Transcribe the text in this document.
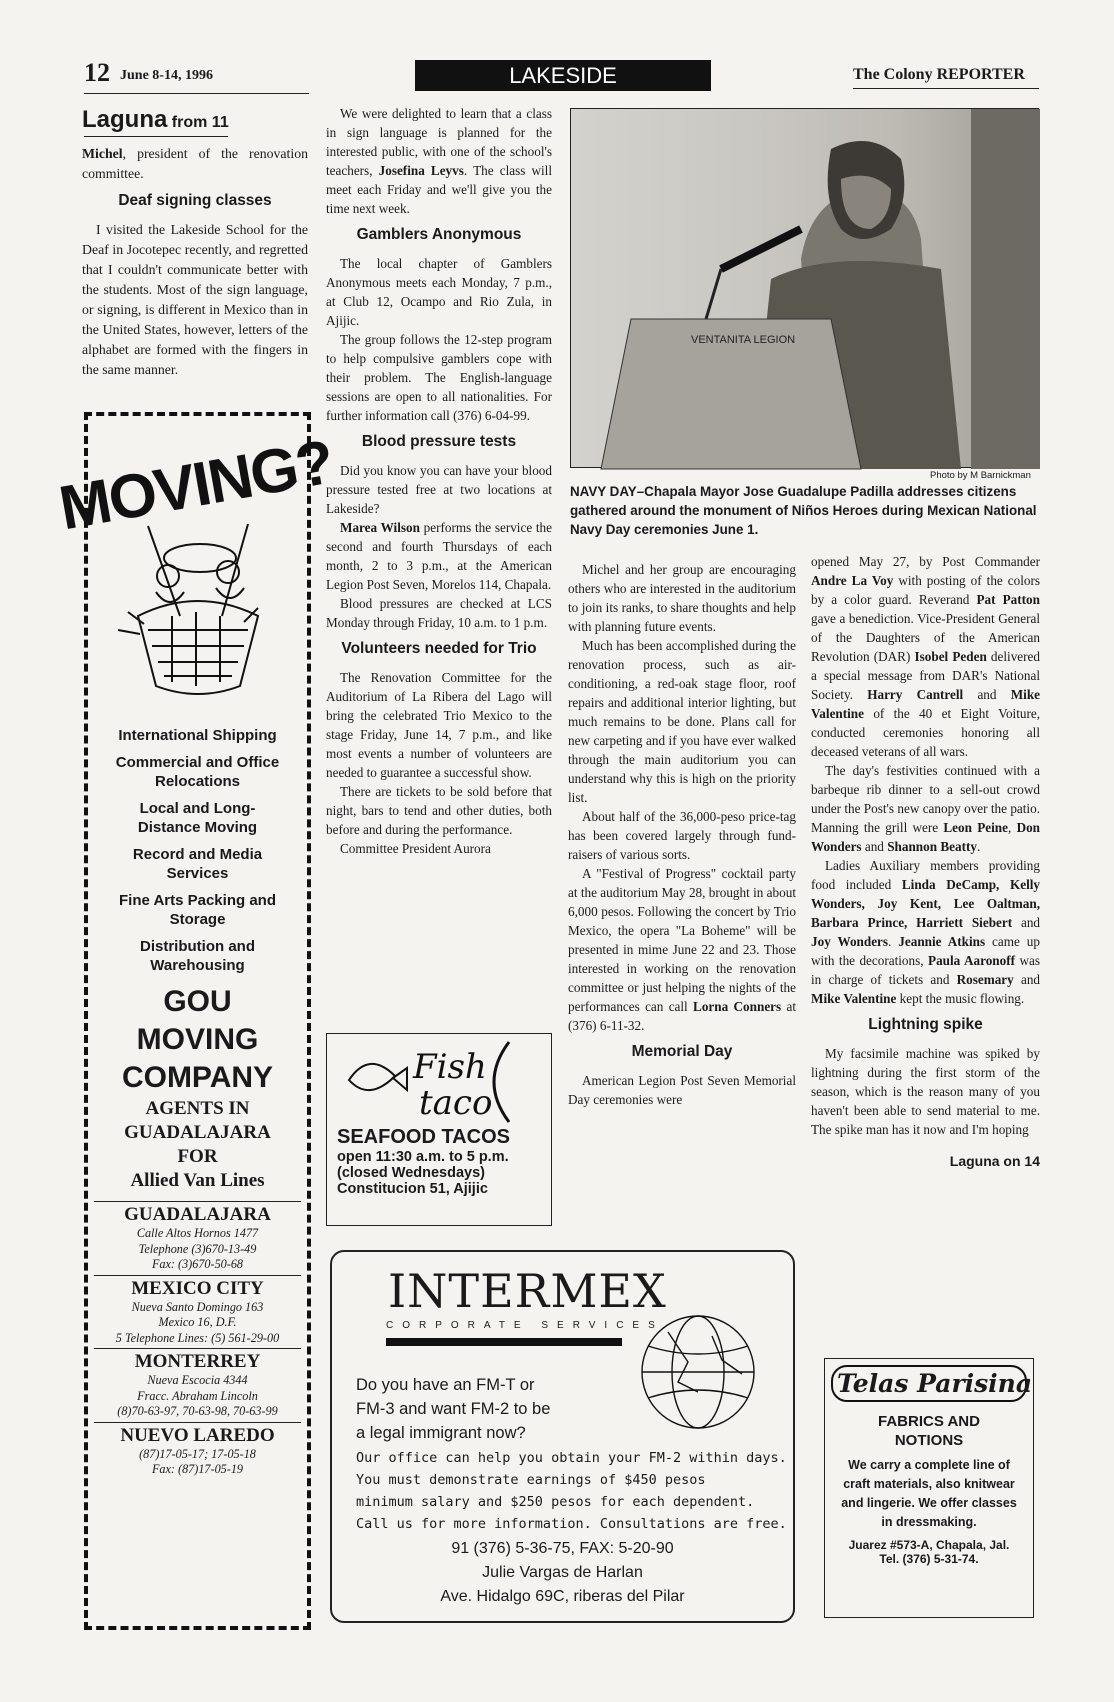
12 June 8-14, 1996	LAKESIDE	The Colony REPORTER
Laguna from 11

Michel, president of the renovation committee.

Deaf signing classes

I visited the Lakeside School for the Deaf in Jocotepec recently, and regretted that I couldn't communicate better with the students. Most of the sign language, or signing, is different in Mexico than in the United States, however, letters of the alphabet are formed with the fingers in the same manner.

MOVING?
International Shipping
Commercial and Office Relocations
Local and Long-Distance Moving
Record and Media Services
Fine Arts Packing and Storage
Distribution and Warehousing
GOU
MOVING
COMPANY
AGENTS IN
GUADALAJARA
FOR
Allied Van Lines
GUADALAJARA
Calle Altos Hornos 1477
Telephone (3)670-13-49
Fax: (3)670-50-68
MEXICO CITY
Nueva Santo Domingo 163
Mexico 16, D.F.
5 Telephone Lines: (5) 561-29-00
MONTERREY
Nueva Escocia 4344
Fracc. Abraham Lincoln
(8)70-63-97, 70-63-98, 70-63-99
NUEVO LAREDO
(87)17-05-17; 17-05-18
Fax: (87)17-05-19

We were delighted to learn that a class in sign language is planned for the interested public, with one of the school's teachers, Josefina Leyvs. The class will meet each Friday and we'll give you the time next week.

Gamblers Anonymous

The local chapter of Gamblers Anonymous meets each Monday, 7 p.m., at Club 12, Ocampo and Rio Zula, in Ajijic.

The group follows the 12-step program to help compulsive gamblers cope with their problem. The English-language sessions are open to all nationalities. For further information call (376) 6-04-99.

Blood pressure tests

Did you know you can have your blood pressure tested free at two locations at Lakeside?

Marea Wilson performs the service the second and fourth Thursdays of each month, 2 to 3 p.m., at the American Legion Post Seven, Morelos 114, Chapala.

Blood pressures are checked at LCS Monday through Friday, 10 a.m. to 1 p.m.

Volunteers needed for Trio

The Renovation Committee for the Auditorium of La Ribera del Lago will bring the celebrated Trio Mexico to the stage Friday, June 14, 7 p.m., and like most events a number of volunteers are needed to guarantee a successful show.

There are tickets to be sold before that night, bars to tend and other duties, both before and during the performance.

Committee President Aurora

Fish
taco
SEAFOOD TACOS
open 11:30 a.m. to 5 p.m.
(closed Wednesdays)
Constitucion 51, Ajijic
VENTANITA LEGION
Photo by M Barnickman
NAVY DAY–Chapala Mayor Jose Guadalupe Padilla addresses citizens gathered around the monument of Niños Heroes during Mexican National Navy Day ceremonies June 1.

Michel and her group are encouraging others who are interested in the auditorium to join its ranks, to share thoughts and help with planning future events.

Much has been accomplished during the renovation process, such as air-conditioning, a red-oak stage floor, roof repairs and additional interior lighting, but much remains to be done. Plans call for new carpeting and if you have ever walked through the main auditorium you can understand why this is high on the priority list.

About half of the 36,000-peso price-tag has been covered largely through fund-raisers of various sorts.

A "Festival of Progress" cocktail party at the auditorium May 28, brought in about 6,000 pesos. Following the concert by Trio Mexico, the opera "La Boheme" will be presented in mime June 22 and 23. Those interested in working on the renovation committee or just helping the nights of the performances can call Lorna Conners at (376) 6-11-32.

Memorial Day

American Legion Post Seven Memorial Day ceremonies were

opened May 27, by Post Commander Andre La Voy with posting of the colors by a color guard. Reverand Pat Patton gave a benediction. Vice-President General of the Daughters of the American Revolution (DAR) Isobel Peden delivered a special message from DAR's National Society. Harry Cantrell and Mike Valentine of the 40 et Eight Voiture, conducted ceremonies honoring all deceased veterans of all wars.

The day's festivities continued with a barbeque rib dinner to a sell-out crowd under the Post's new canopy over the patio. Manning the grill were Leon Peine, Don Wonders and Shannon Beatty.

Ladies Auxiliary members providing food included Linda DeCamp, Kelly Wonders, Joy Kent, Lee Oaltman, Barbara Prince, Harriett Siebert and Joy Wonders. Jeannie Atkins came up with the decorations, Paula Aaronoff was in charge of tickets and Rosemary and Mike Valentine kept the music flowing.

Lightning spike

My facsimile machine was spiked by lightning during the first storm of the season, which is the reason many of you haven't been able to send material to me. The spike man has it now and I'm hoping

Laguna on 14
INTERMEX
CORPORATE SERVICES
Do you have an FM-T or
FM-3 and want FM-2 to be
a legal immigrant now?
Our office can help you obtain your FM-2 within days.
You must demonstrate earnings of $450 pesos
minimum salary and $250 pesos for each dependent.
Call us for more information. Consultations are free.
91 (376) 5-36-75, FAX: 5-20-90
Julie Vargas de Harlan
Ave. Hidalgo 69C, riberas del Pilar
Telas Parisina
FABRICS AND NOTIONS
We carry a complete line of craft materials, also knitwear and lingerie. We offer classes in dressmaking.
Juarez #573-A, Chapala, Jal.
Tel. (376) 5-31-74.
